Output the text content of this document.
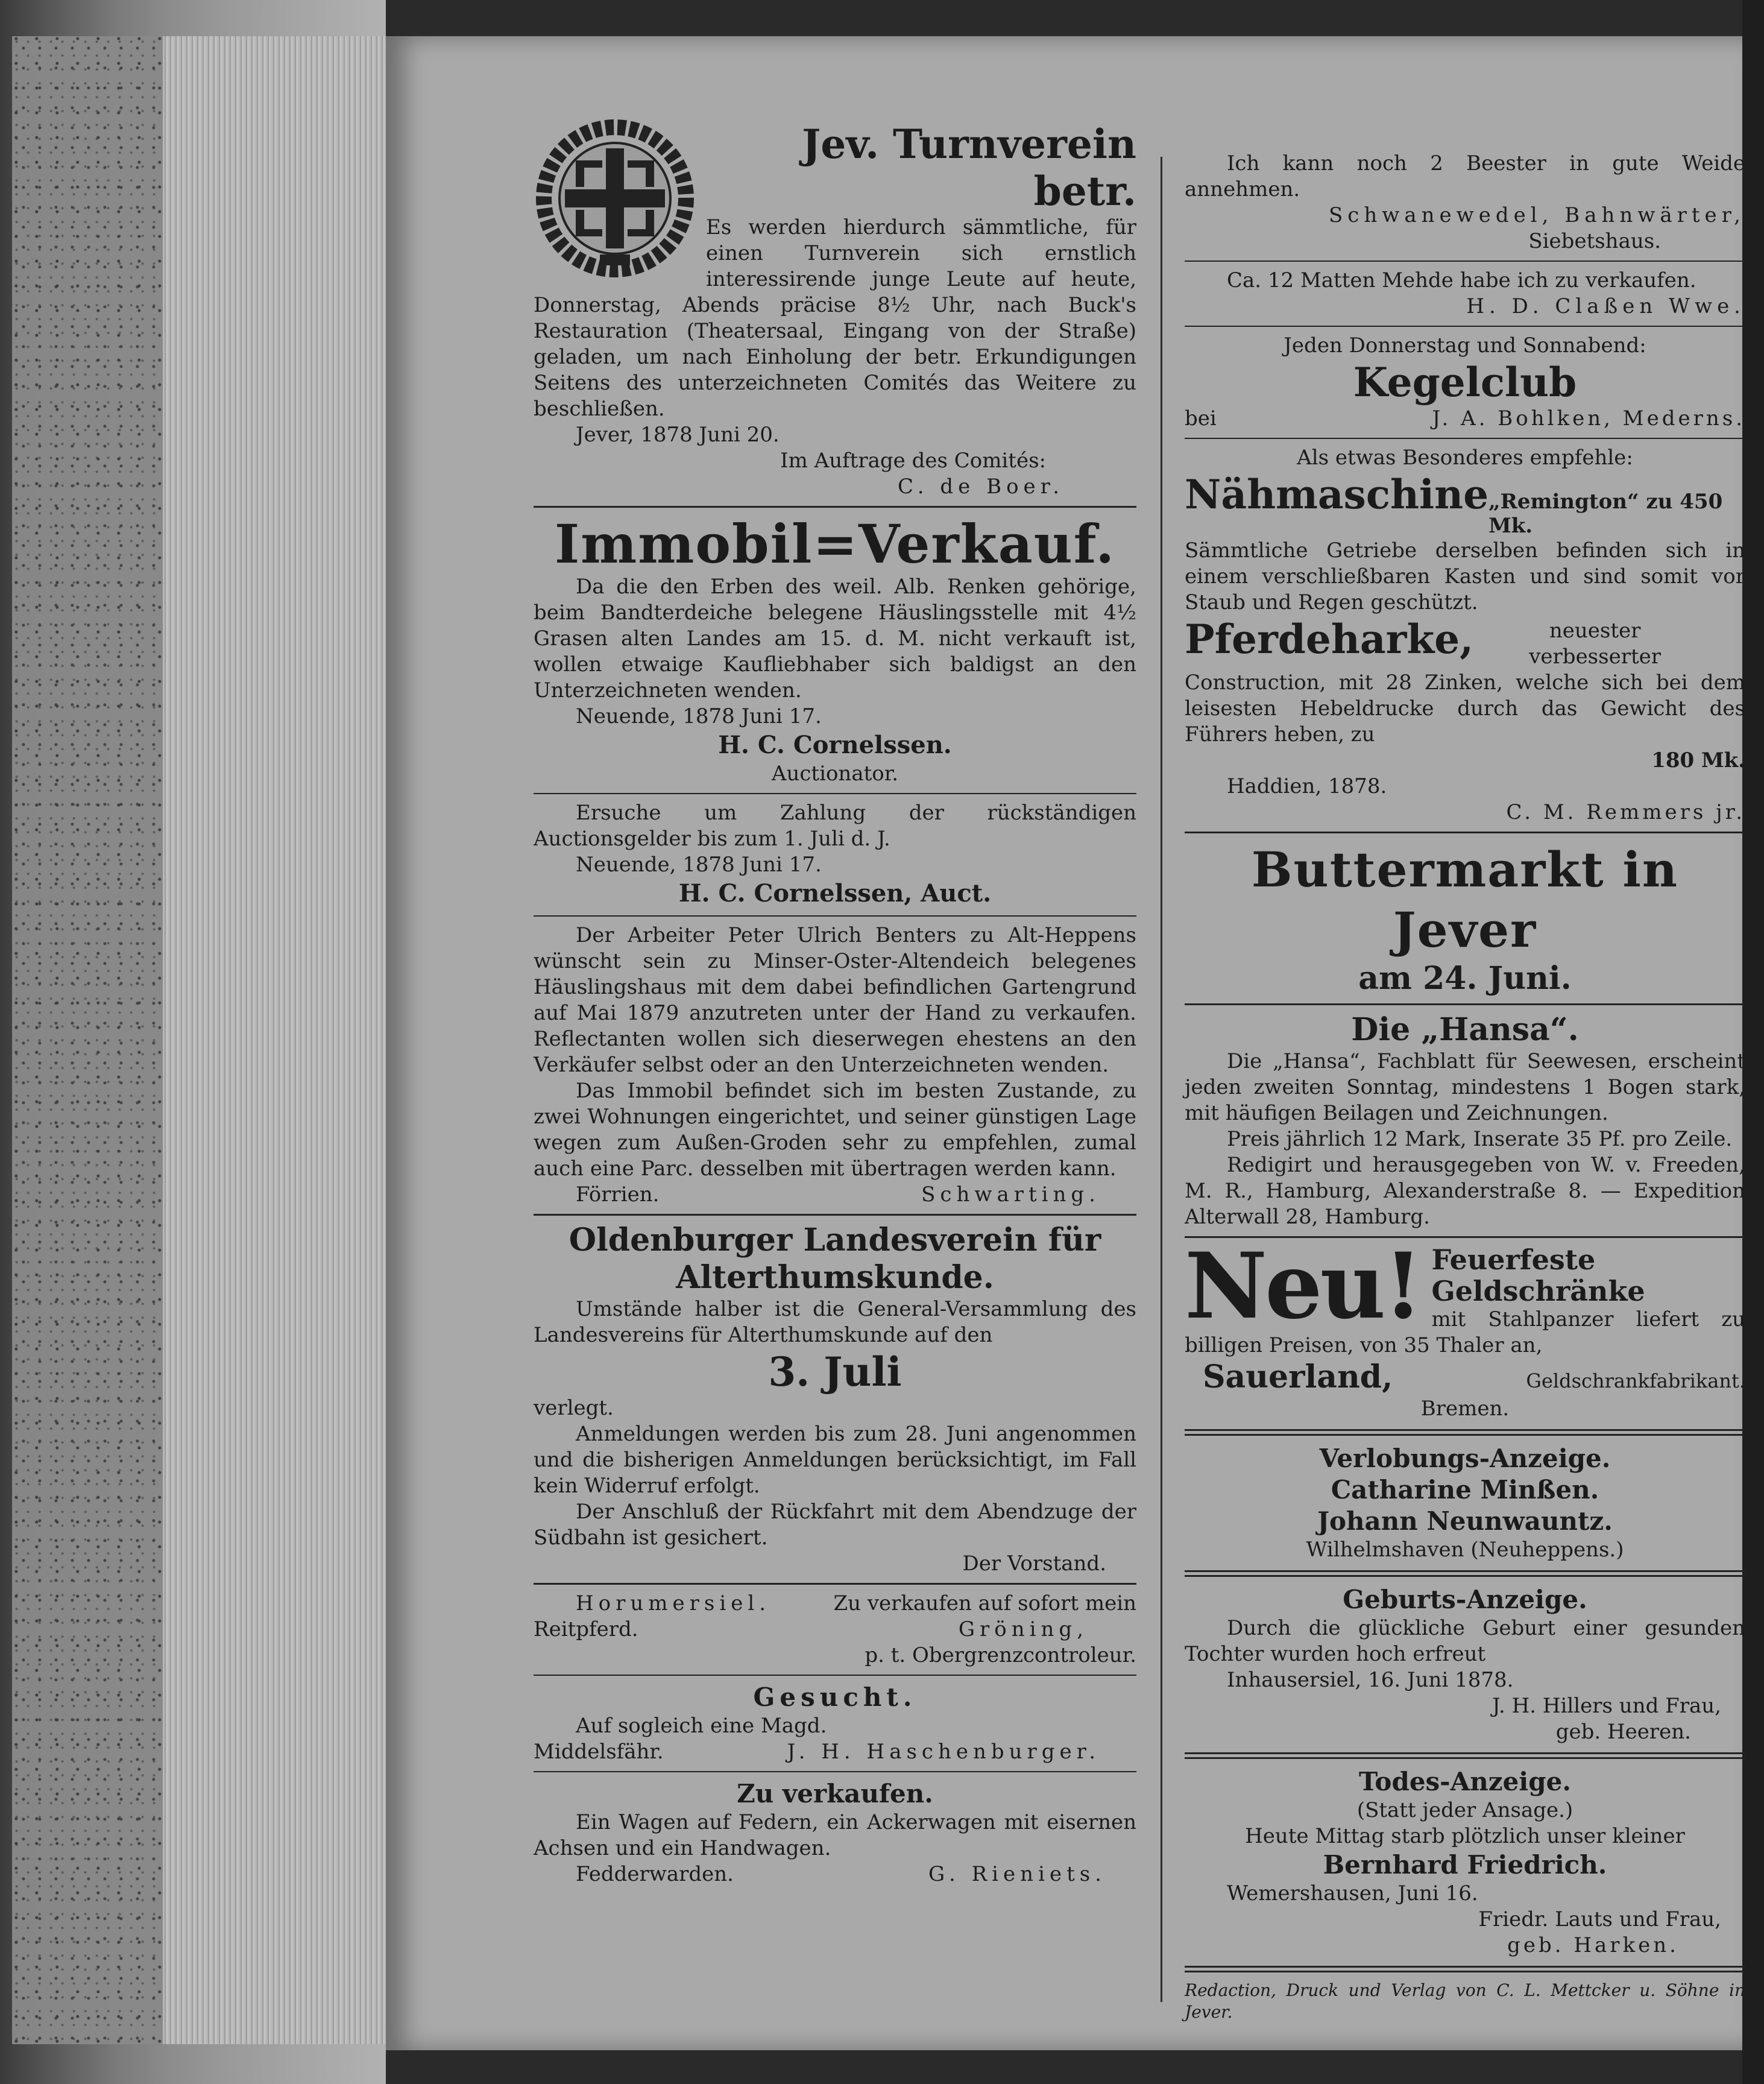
Jev. Turnverein betr.

Es werden hierdurch sämmtliche, für einen Turnverein sich ernstlich interessirende junge Leute auf heute, Donnerstag, Abends präcise 8½ Uhr, nach Buck's Restauration (Theatersaal, Eingang von der Straße) geladen, um nach Einholung der betr. Erkundigungen Seitens des unterzeichneten Comités das Weitere zu beschließen.

Jever, 1878 Juni 20.

Im Auftrage des Comités:

C. de Boer.

Immobil=Verkauf.

Da die den Erben des weil. Alb. Renken gehörige, beim Bandterdeiche belegene Häuslingsstelle mit 4½ Grasen alten Landes am 15. d. M. nicht verkauft ist, wollen etwaige Kaufliebhaber sich baldigst an den Unterzeichneten wenden.

Neuende, 1878 Juni 17.

H. C. Cornelssen.

Auctionator.

Ersuche um Zahlung der rückständigen Auctionsgelder bis zum 1. Juli d. J.

Neuende, 1878 Juni 17.

H. C. Cornelssen, Auct.

Der Arbeiter Peter Ulrich Benters zu Alt-Heppens wünscht sein zu Minser-Oster-Altendeich belegenes Häuslingshaus mit dem dabei befindlichen Gartengrund auf Mai 1879 anzutreten unter der Hand zu verkaufen. Reflectanten wollen sich dieserwegen ehestens an den Verkäufer selbst oder an den Unterzeichneten wenden.

Das Immobil befindet sich im besten Zustande, zu zwei Wohnungen eingerichtet, und seiner günstigen Lage wegen zum Außen-Groden sehr zu empfehlen, zumal auch eine Parc. desselben mit übertragen werden kann.

Förrien.	Schwarting.

Oldenburger Landesverein für
Alterthumskunde.

Umstände halber ist die General-Versammlung des Landesvereins für Alterthumskunde auf den

3. Juli

verlegt.

Anmeldungen werden bis zum 28. Juni angenommen und die bisherigen Anmeldungen berücksichtigt, im Fall kein Widerruf erfolgt.

Der Anschluß der Rückfahrt mit dem Abendzuge der Südbahn ist gesichert.

Der Vorstand.

Horumersiel.	Zu verkaufen auf sofort mein

Reitpferd.	Gröning,

p. t. Obergrenzcontroleur.

Gesucht.

Auf sogleich eine Magd.

Middelsfähr.	J. H. Haschenburger.

Zu verkaufen.

Ein Wagen auf Federn, ein Ackerwagen mit eisernen Achsen und ein Handwagen.

Fedderwarden.	G. Rieniets.

Ich kann noch 2 Beester in gute Weide annehmen.

Schwanewedel, Bahnwärter,

Siebetshaus.

Ca. 12 Matten Mehde habe ich zu verkaufen.

H. D. Claßen Wwe.

Jeden Donnerstag und Sonnabend:

Kegelclub

bei	J. A. Bohlken, Mederns.

Als etwas Besonderes empfehle:

Nähmaschine „Remington“ zu 450 Mk.

Sämmtliche Getriebe derselben befinden sich in einem verschließbaren Kasten und sind somit vor Staub und Regen geschützt.

Pferdeharke,	neuester

verbesserter

Construction, mit 28 Zinken, welche sich bei dem leisesten Hebeldrucke durch das Gewicht des Führers heben, zu

180 Mk.

Haddien, 1878.

C. M. Remmers jr.

Buttermarkt in Jever
am 24. Juni.
Die „Hansa“.

Die „Hansa“, Fachblatt für Seewesen, erscheint jeden zweiten Sonntag, mindestens 1 Bogen stark, mit häufigen Beilagen und Zeichnungen.

Preis jährlich 12 Mark, Inserate 35 Pf. pro Zeile.

Redigirt und herausgegeben von W. v. Freeden, M. R., Hamburg, Alexanderstraße 8. — Expedition Alterwall 28, Hamburg.

Neu! Feuerfeste Geldschränke

mit Stahlpanzer liefert zu billigen Preisen, von 35 Thaler an,

Sauerland,	Geldschrankfabrikant.

Bremen.

Verlobungs-Anzeige.
Catharine Minßen.
Johann Neunwauntz.

Wilhelmshaven (Neuheppens.)

Geburts-Anzeige.

Durch die glückliche Geburt einer gesunden Tochter wurden hoch erfreut

Inhausersiel, 16. Juni 1878.

J. H. Hillers und Frau,

geb. Heeren.

Todes-Anzeige.

(Statt jeder Ansage.)

Heute Mittag starb plötzlich unser kleiner

Bernhard Friedrich.

Wemershausen, Juni 16.

Friedr. Lauts und Frau,

geb. Harken.

Redaction, Druck und Verlag von C. L. Mettcker u. Söhne in Jever.
